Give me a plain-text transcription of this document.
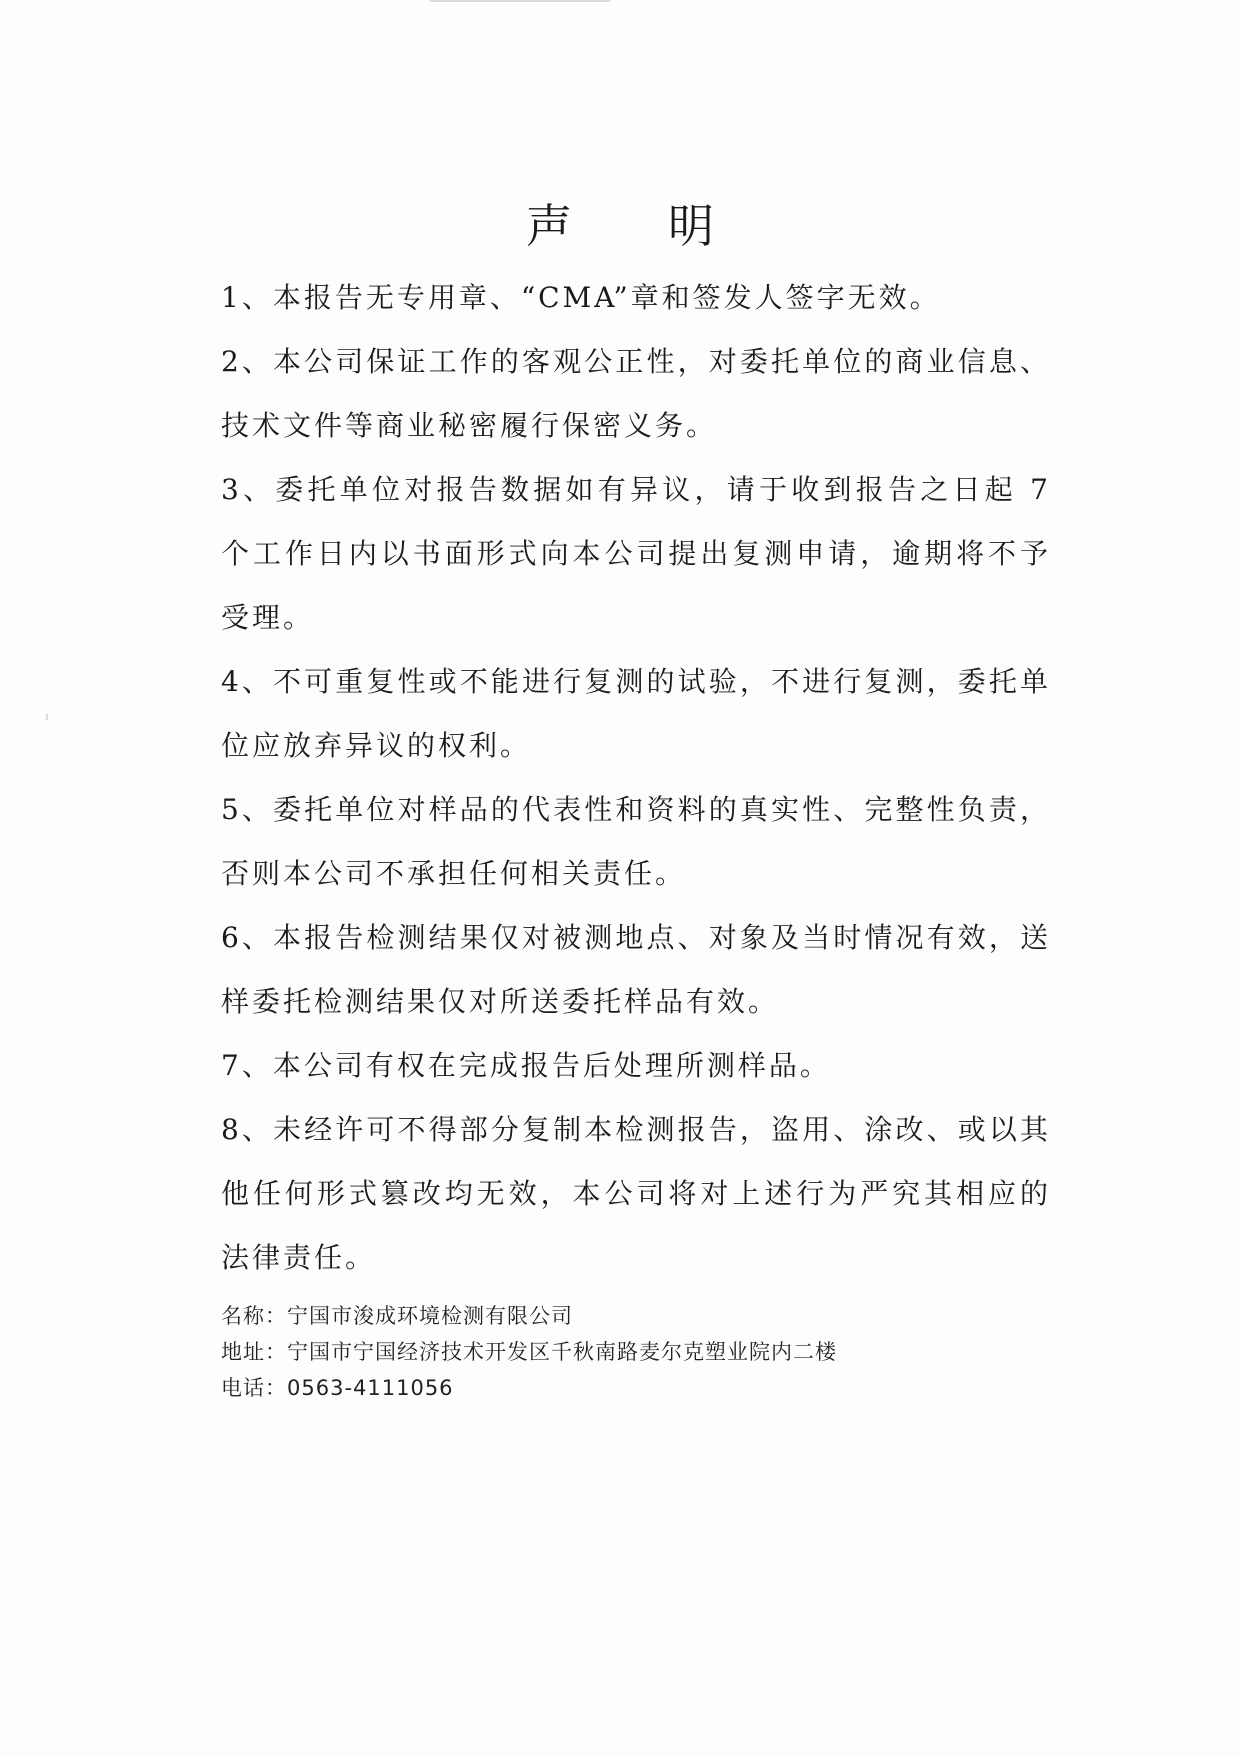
声明
1、本报告无专用章、“CMA”章和签发人签字无效。
2、本公司保证工作的客观公正性，对委托单位的商业信息、技术文件等商业秘密履行保密义务。
3、委托单位对报告数据如有异议，请于收到报告之日起 7 个工作日内以书面形式向本公司提出复测申请，逾期将不予受理。
4、不可重复性或不能进行复测的试验，不进行复测，委托单位应放弃异议的权利。
5、委托单位对样品的代表性和资料的真实性、完整性负责，否则本公司不承担任何相关责任。
6、本报告检测结果仅对被测地点、对象及当时情况有效，送样委托检测结果仅对所送委托样品有效。
7、本公司有权在完成报告后处理所测样品。
8、未经许可不得部分复制本检测报告，盗用、涂改、或以其他任何形式篡改均无效，本公司将对上述行为严究其相应的法律责任。
名称：宁国市浚成环境检测有限公司
地址：宁国市宁国经济技术开发区千秋南路麦尔克塑业院内二楼
电话：0563-4111056
